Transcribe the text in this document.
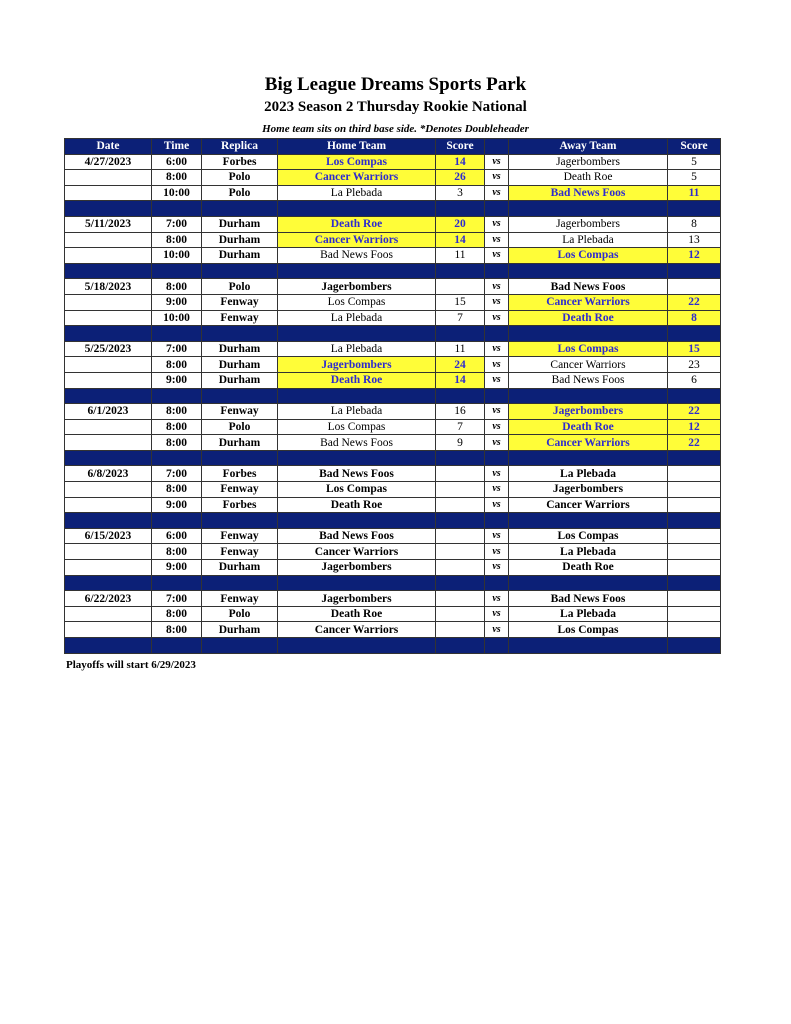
Big League Dreams Sports Park
2023 Season 2 Thursday Rookie National
Home team sits on third base side. *Denotes Doubleheader
Date	Time	Replica	Home Team	Score		Away Team	Score
4/27/2023	6:00	Forbes	Los Compas	14	vs	Jagerbombers	5
	8:00	Polo	Cancer Warriors	26	vs	Death Roe	5
	10:00	Polo	La Plebada	3	vs	Bad News Foos	11

5/11/2023	7:00	Durham	Death Roe	20	vs	Jagerbombers	8
	8:00	Durham	Cancer Warriors	14	vs	La Plebada	13
	10:00	Durham	Bad News Foos	11	vs	Los Compas	12

5/18/2023	8:00	Polo	Jagerbombers		vs	Bad News Foos	
	9:00	Fenway	Los Compas	15	vs	Cancer Warriors	22
	10:00	Fenway	La Plebada	7	vs	Death Roe	8

5/25/2023	7:00	Durham	La Plebada	11	vs	Los Compas	15
	8:00	Durham	Jagerbombers	24	vs	Cancer Warriors	23
	9:00	Durham	Death Roe	14	vs	Bad News Foos	6

6/1/2023	8:00	Fenway	La Plebada	16	vs	Jagerbombers	22
	8:00	Polo	Los Compas	7	vs	Death Roe	12
	8:00	Durham	Bad News Foos	9	vs	Cancer Warriors	22

6/8/2023	7:00	Forbes	Bad News Foos		vs	La Plebada	
	8:00	Fenway	Los Compas		vs	Jagerbombers	
	9:00	Forbes	Death Roe		vs	Cancer Warriors	

6/15/2023	6:00	Fenway	Bad News Foos		vs	Los Compas	
	8:00	Fenway	Cancer Warriors		vs	La Plebada	
	9:00	Durham	Jagerbombers		vs	Death Roe	

6/22/2023	7:00	Fenway	Jagerbombers		vs	Bad News Foos	
	8:00	Polo	Death Roe		vs	La Plebada	
	8:00	Durham	Cancer Warriors		vs	Los Compas	

Playoffs will start 6/29/2023
